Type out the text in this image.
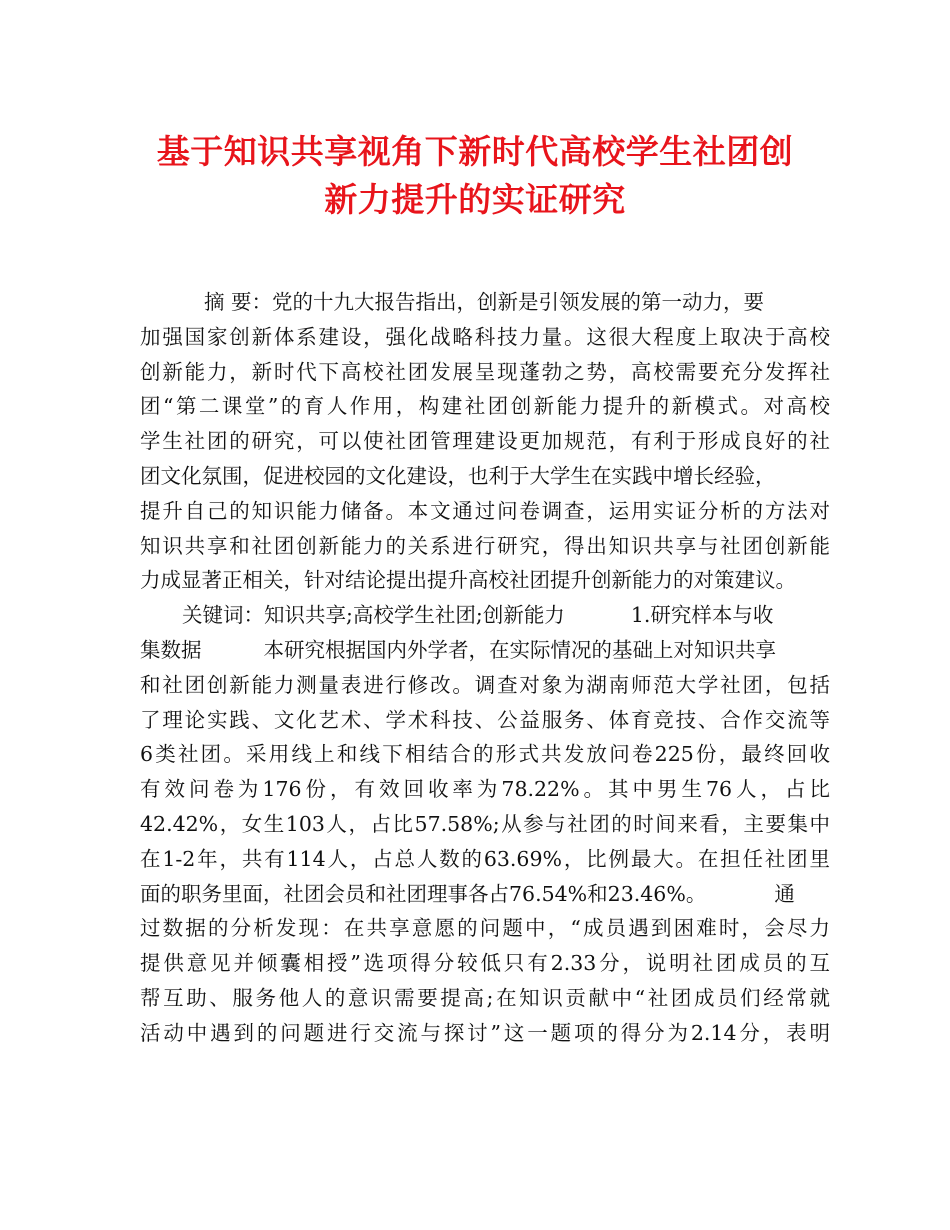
基于知识共享视角下新时代高校学生社团创
新力提升的实证研究
摘 要：党的十九大报告指出，创新是引领发展的第一动力，要
加强国家创新体系建设，强化战略科技力量。这很大程度上取决于高校
创新能力，新时代下高校社团发展呈现蓬勃之势，高校需要充分发挥社
团“第二课堂”的育人作用，构建社团创新能力提升的新模式。对高校
学生社团的研究，可以使社团管理建设更加规范，有利于形成良好的社
团文化氛围，促进校园的文化建设，也利于大学生在实践中增长经验，
提升自己的知识能力储备。本文通过问卷调查，运用实证分析的方法对
知识共享和社团创新能力的关系进行研究，得出知识共享与社团创新能
力成显著正相关，针对结论提出提升高校社团提升创新能力的对策建议。
关键词：知识共享;高校学生社团;创新能力	1.研究样本与收
集数据	本研究根据国内外学者，在实际情况的基础上对知识共享
和社团创新能力测量表进行修改。调查对象为湖南师范大学社团，包括
了理论实践、文化艺术、学术科技、公益服务、体育竞技、合作交流等
6类社团。采用线上和线下相结合的形式共发放问卷225份，最终回收
有效问卷为176份，有效回收率为78.22%。其中男生76人，占比
42.42%，女生103人，占比57.58%;从参与社团的时间来看，主要集中
在1-2年，共有114人，占总人数的63.69%，比例最大。在担任社团里
面的职务里面，社团会员和社团理事各占76.54%和23.46%。	通
过数据的分析发现：在共享意愿的问题中，“成员遇到困难时，会尽力
提供意见并倾囊相授”选项得分较低只有2.33分，说明社团成员的互
帮互助、服务他人的意识需要提高;在知识贡献中“社团成员们经常就
活动中遇到的问题进行交流与探讨”这一题项的得分为2.14分，表明
